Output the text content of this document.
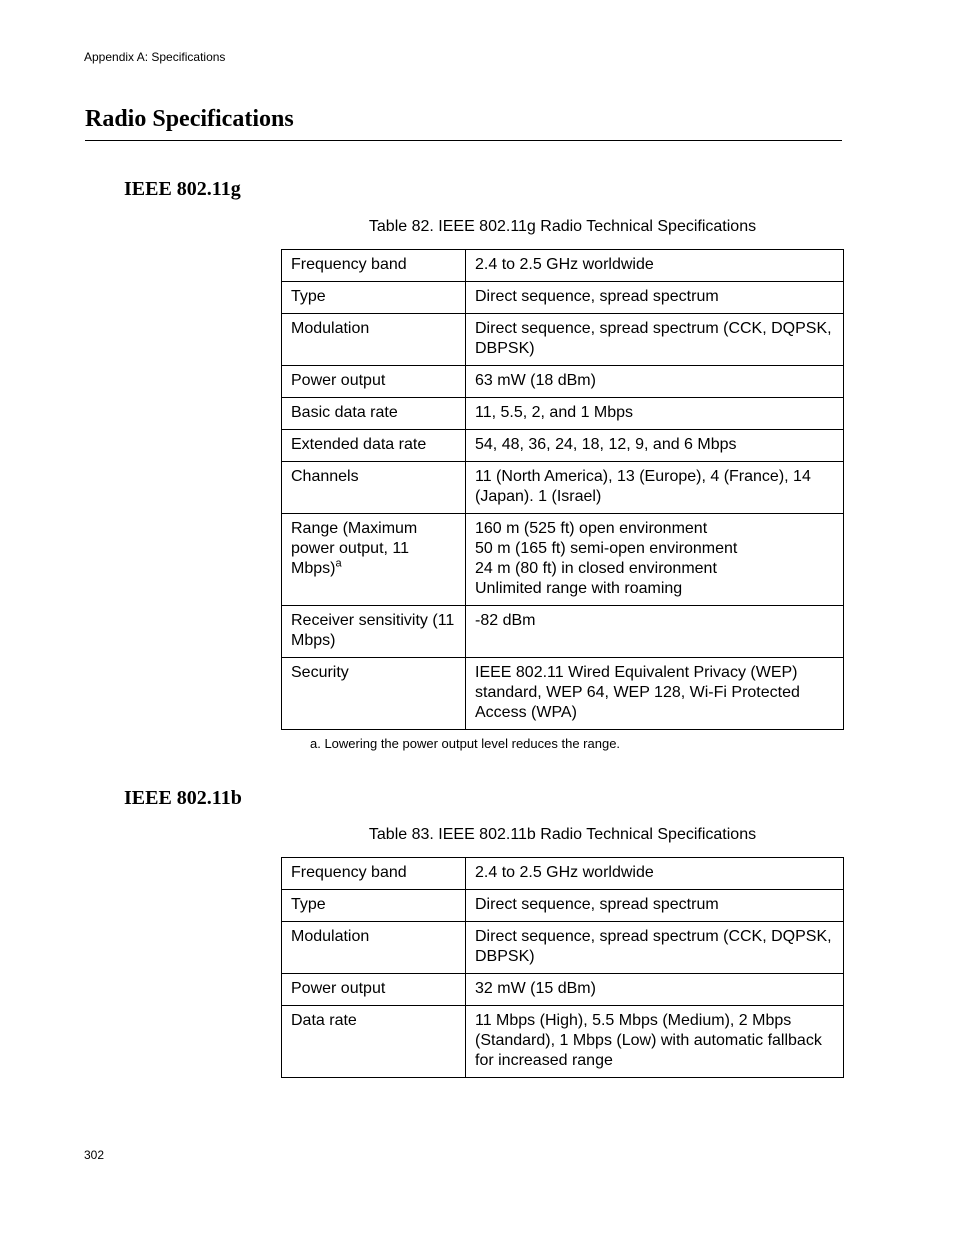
Appendix A: Specifications
Radio Specifications
IEEE 802.11g
Table 82. IEEE 802.11g Radio Technical Specifications
Frequency band	2.4 to 2.5 GHz worldwide

Type	Direct sequence, spread spectrum

Modulation	Direct sequence, spread spectrum (CCK, DQPSK, DBPSK)

Power output	63 mW (18 dBm)

Basic data rate	11, 5.5, 2, and 1 Mbps

Extended data rate	54, 48, 36, 24, 18, 12, 9, and 6 Mbps

Channels	11 (North America), 13 (Europe), 4 (France), 14 (Japan). 1 (Israel)

Range (Maximum power output, 11 Mbps)$^a$	160 m (525 ft) open environment
50 m (165 ft) semi-open environment
24 m (80 ft) in closed environment
Unlimited range with roaming

Receiver sensitivity (11 Mbps)	-82 dBm

Security	IEEE 802.11 Wired Equivalent Privacy (WEP) standard, WEP 64, WEP 128, Wi-Fi Protected Access (WPA)
a. Lowering the power output level reduces the range.
IEEE 802.11b
Table 83. IEEE 802.11b Radio Technical Specifications
Frequency band	2.4 to 2.5 GHz worldwide

Type	Direct sequence, spread spectrum

Modulation	Direct sequence, spread spectrum (CCK, DQPSK, DBPSK)

Power output	32 mW (15 dBm)

Data rate	11 Mbps (High), 5.5 Mbps (Medium), 2 Mbps (Standard), 1 Mbps (Low) with automatic fallback for increased range
302
